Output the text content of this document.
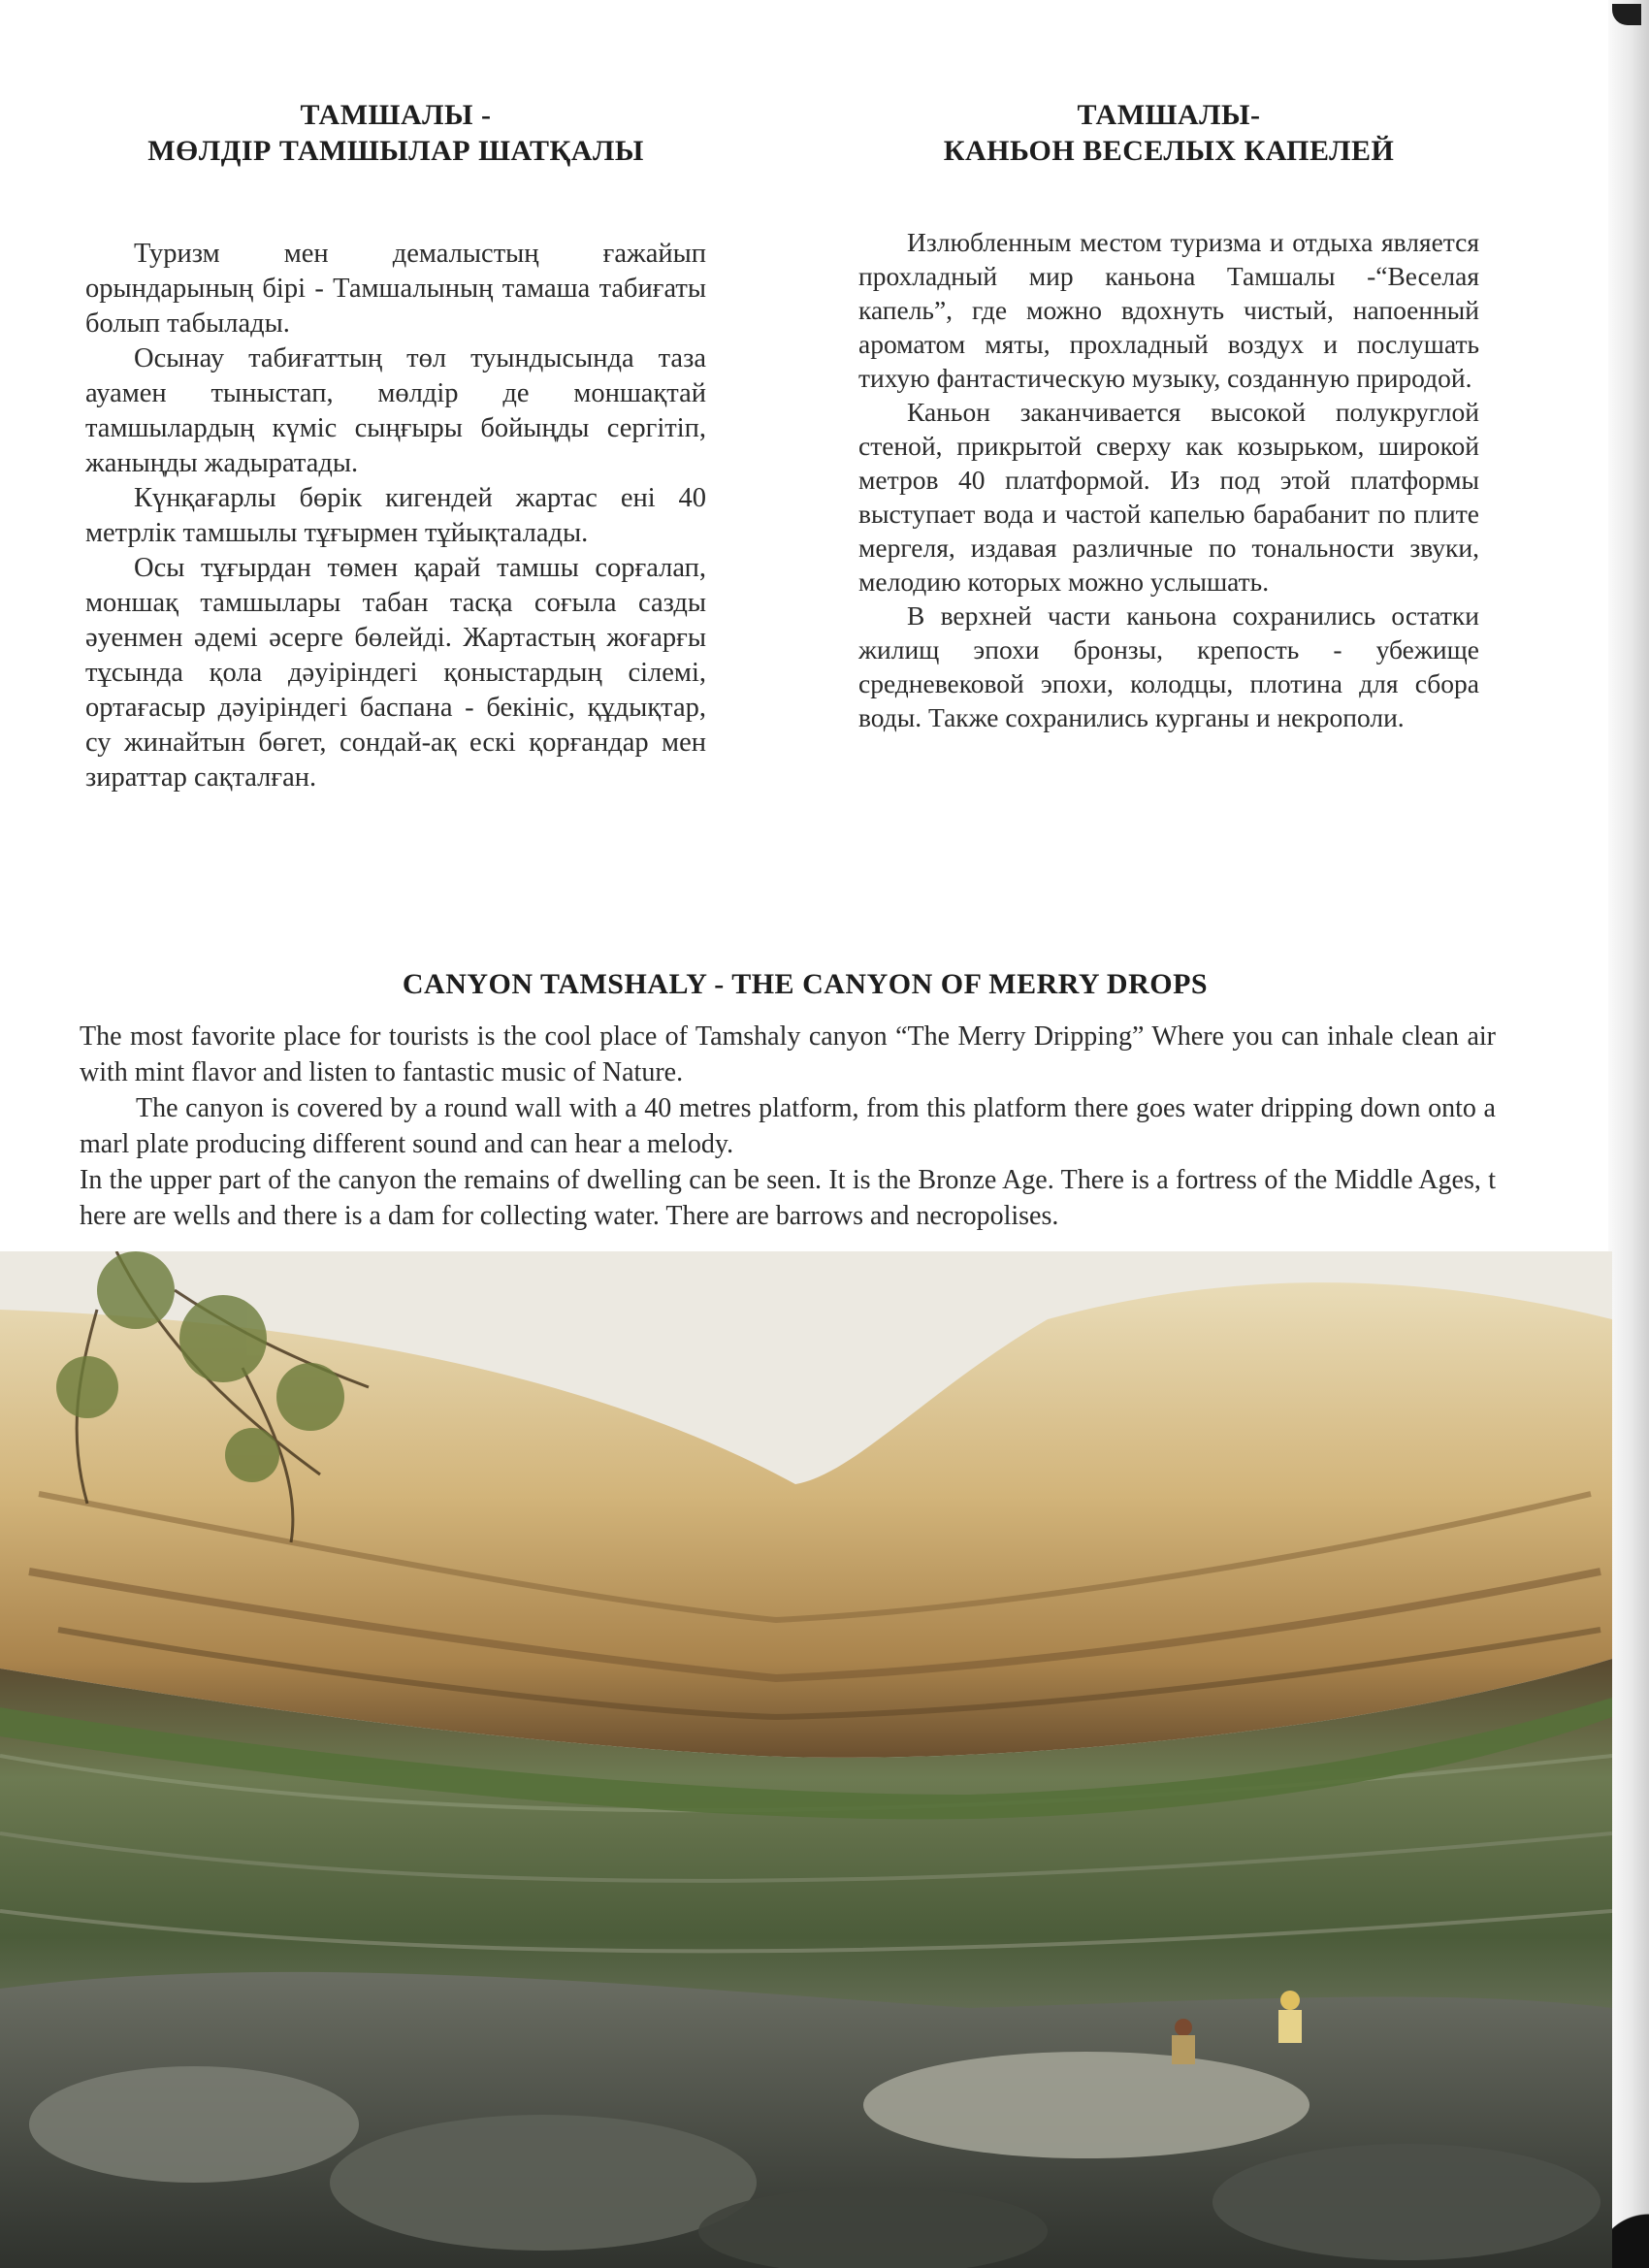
ТАМШАЛЫ -
МӨЛДІР ТАМШЫЛАР ШАТҚАЛЫ

Туризм мен демалыстың ғажайып орындарының бірі - Тамшалының тамаша табиғаты болып табылады.

Осынау табиғаттың төл туындысында таза ауамен тыныстап, мөлдір де моншақтай тамшылардың күміс сыңғыры бойыңды сергітіп, жаныңды жадыратады.

Күнқағарлы бөрік кигендей жартас ені 40 метрлік тамшылы тұғырмен тұйықталады.

Осы тұғырдан төмен қарай тамшы сорғалап, моншақ тамшылары табан тасқа соғыла сазды әуенмен әдемі әсерге бөлейді. Жартастың жоғарғы тұсында қола дәуіріндегі қоныстардың сілемі, ортағасыр дәуіріндегі баспана - бекініс, құдықтар, су жинайтын бөгет, сондай-ақ ескі қорғандар мен зираттар сақталған.

ТАМШАЛЫ-
КАНЬОН ВЕСЕЛЫХ КАПЕЛЕЙ

Излюбленным местом туризма и отдыха является прохладный мир каньона Тамшалы -“Веселая капель”, где можно вдохнуть чистый, напоенный ароматом мяты, прохладный воздух и послушать тихую фантастическую музыку, созданную природой.

Каньон заканчивается высокой полукруглой стеной, прикрытой сверху как козырьком, широкой метров 40 платформой. Из под этой платформы выступает вода и частой капелью барабанит по плите мергеля, издавая различные по тональности звуки, мелодию которых можно услышать.

В верхней части каньона сохранились остатки жилищ эпохи бронзы, крепость - убежище средневековой эпохи, колодцы, плотина для сбора воды. Также сохранились курганы и некрополи.

CANYON TAMSHALY - THE CANYON OF MERRY DROPS

The most favorite place for tourists is the cool place of Tamshaly canyon “The Merry Dripping” Where you can inhale clean air with mint flavor and listen to fantastic music of Nature.

The canyon is covered by a round wall with a 40 metres platform, from this platform there goes water dripping down onto a marl plate producing different sound and can hear a melody.

In the upper part of the canyon the remains of dwelling can be seen. It is the Bronze Age. There is a fortress of the Middle Ages, t here are wells and there is a dam for collecting water. There are barrows and necropolises.
